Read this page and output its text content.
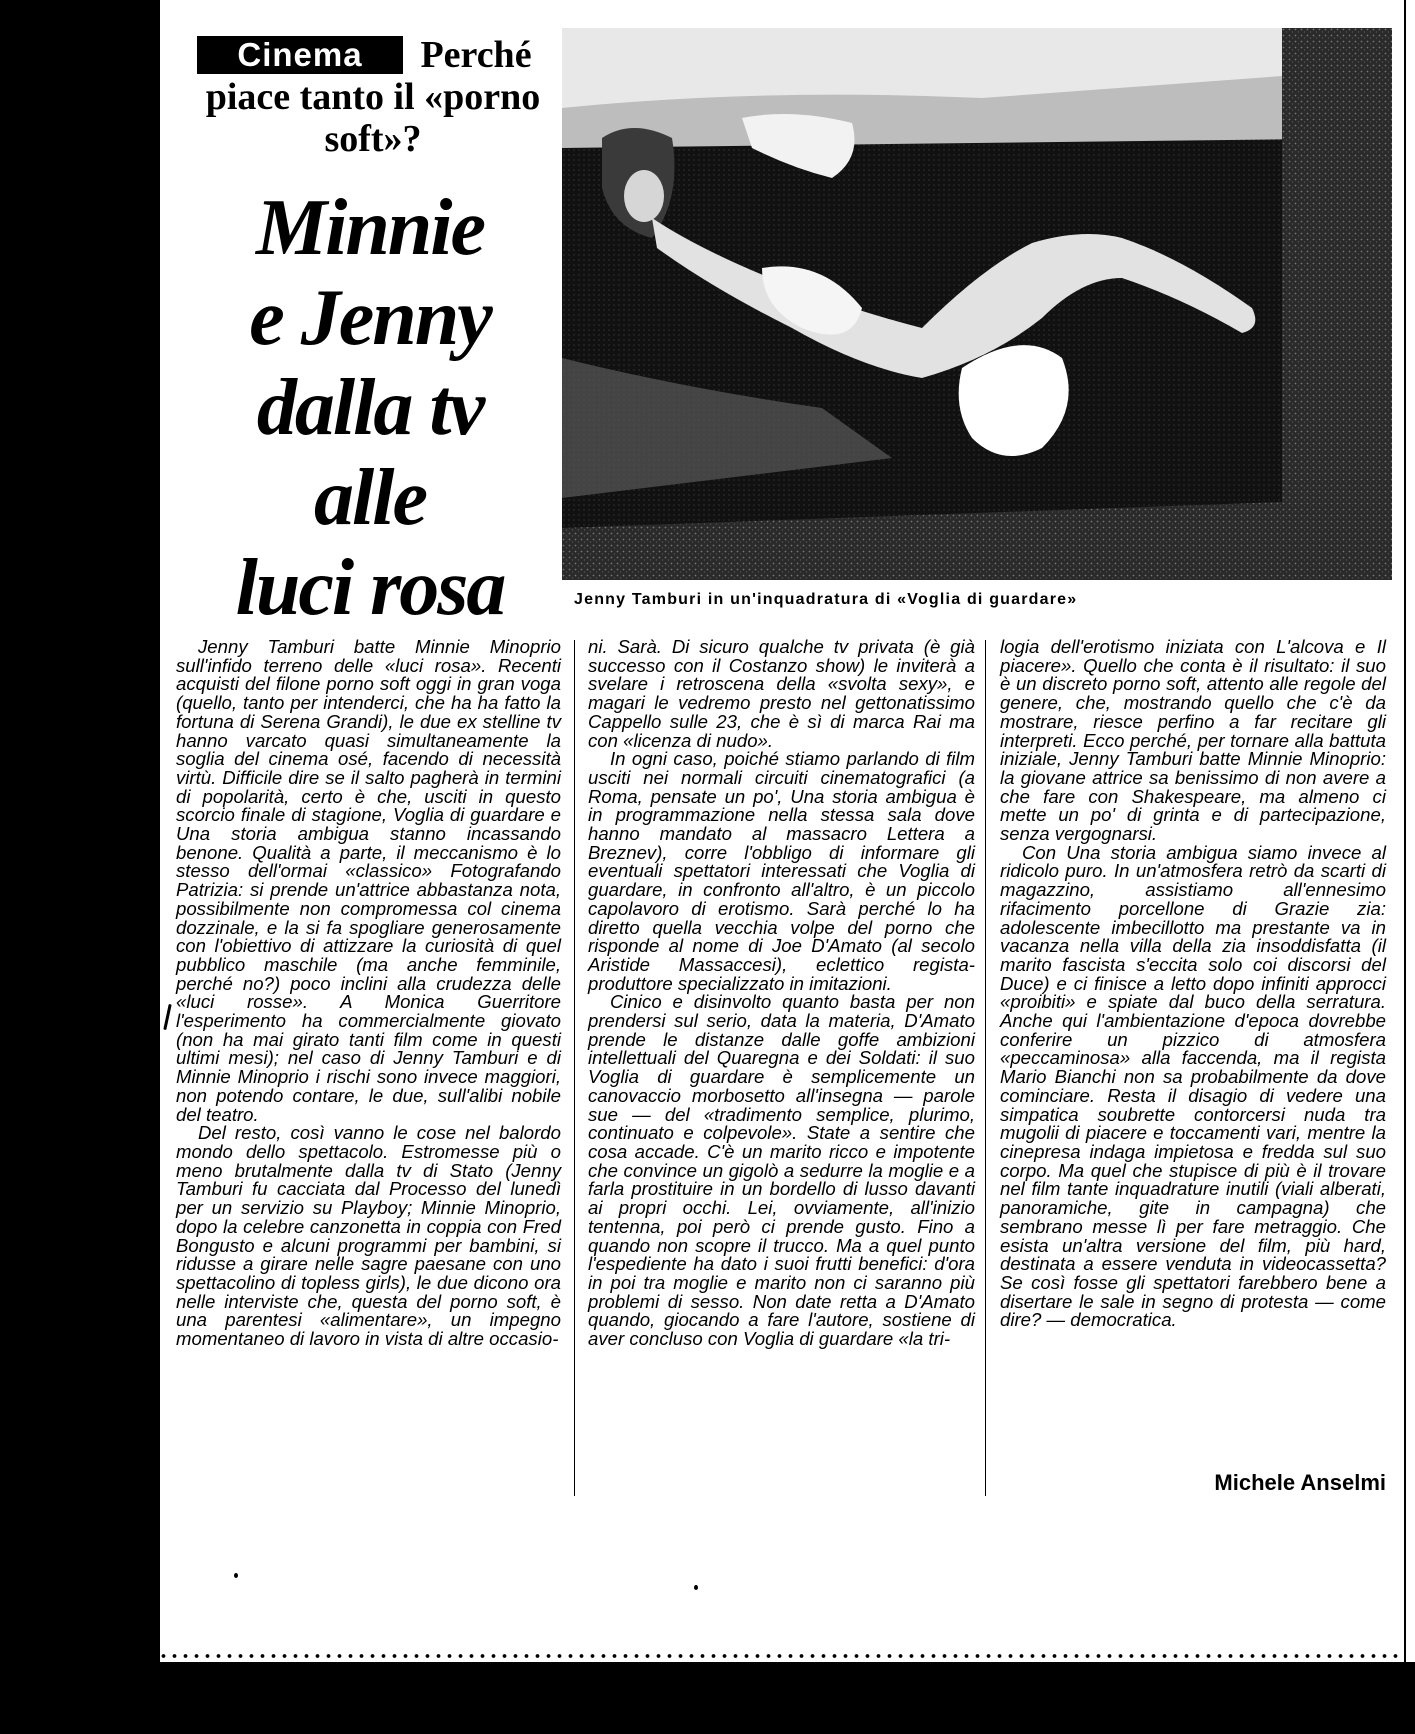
Perché piace tanto il «porno soft»?
Cinema
Minnie
e Jenny
dalla tv
alle
luci rosa	Jenny Tamburi in un'inquadratura di «Voglia di guardare»

Jenny Tamburi batte Minnie Minoprio sull'infido terreno delle «luci rosa». Recenti acquisti del filone porno soft oggi in gran voga (quello, tanto per intenderci, che ha ha fatto la fortuna di Serena Grandi), le due ex stelline tv hanno varcato quasi simultaneamente la soglia del cinema osé, facendo di necessità virtù. Difficile dire se il salto pagherà in termini di popolarità, certo è che, usciti in questo scorcio finale di stagione, Voglia di guardare e Una storia ambigua stanno incassando benone. Qualità a parte, il meccanismo è lo stesso dell'ormai «classico» Fotografando Patrizia: si prende un'attrice abbastanza nota, possibilmente non compromessa col cinema dozzinale, e la si fa spogliare generosamente con l'obiettivo di attizzare la curiosità di quel pubblico maschile (ma anche femminile, perché no?) poco inclini alla crudezza delle «luci rosse». A Monica Guerritore l'esperimento ha commercialmente giovato (non ha mai girato tanti film come in questi ultimi mesi); nel caso di Jenny Tamburi e di Minnie Minoprio i rischi sono invece maggiori, non potendo contare, le due, sull'alibi nobile del teatro.

Del resto, così vanno le cose nel balordo mondo dello spettacolo. Estromesse più o meno brutalmente dalla tv di Stato (Jenny Tamburi fu cacciata dal Processo del lunedì per un servizio su Playboy; Minnie Minoprio, dopo la celebre canzonetta in coppia con Fred Bongusto e alcuni programmi per bambini, si ridusse a girare nelle sagre paesane con uno spettacolino di topless girls), le due dicono ora nelle interviste che, questa del porno soft, è una parentesi «alimentare», un impegno momentaneo di lavoro in vista di altre occasio-

ni. Sarà. Di sicuro qualche tv privata (è già successo con il Costanzo show) le inviterà a svelare i retroscena della «svolta sexy», e magari le vedremo presto nel gettonatissimo Cappello sulle 23, che è sì di marca Rai ma con «licenza di nudo».

In ogni caso, poiché stiamo parlando di film usciti nei normali circuiti cinematografici (a Roma, pensate un po', Una storia ambigua è in programmazione nella stessa sala dove hanno mandato al massacro Lettera a Breznev), corre l'obbligo di informare gli eventuali spettatori interessati che Voglia di guardare, in confronto all'altro, è un piccolo capolavoro di erotismo. Sarà perché lo ha diretto quella vecchia volpe del porno che risponde al nome di Joe D'Amato (al secolo Aristide Massaccesi), eclettico regista-produttore specializzato in imitazioni.

Cinico e disinvolto quanto basta per non prendersi sul serio, data la materia, D'Amato prende le distanze dalle goffe ambizioni intellettuali del Quaregna e dei Soldati: il suo Voglia di guardare è semplicemente un canovaccio morbosetto all'insegna — parole sue — del «tradimento semplice, plurimo, continuato e colpevole». State a sentire che cosa accade. C'è un marito ricco e impotente che convince un gigolò a sedurre la moglie e a farla prostituire in un bordello di lusso davanti ai propri occhi. Lei, ovviamente, all'inizio tentenna, poi però ci prende gusto. Fino a quando non scopre il trucco. Ma a quel punto l'espediente ha dato i suoi frutti benefici: d'ora in poi tra moglie e marito non ci saranno più problemi di sesso. Non date retta a D'Amato quando, giocando a fare l'autore, sostiene di aver concluso con Voglia di guardare «la tri-

logia dell'erotismo iniziata con L'alcova e Il piacere». Quello che conta è il risultato: il suo è un discreto porno soft, attento alle regole del genere, che, mostrando quello che c'è da mostrare, riesce perfino a far recitare gli interpreti. Ecco perché, per tornare alla battuta iniziale, Jenny Tamburi batte Minnie Minoprio: la giovane attrice sa benissimo di non avere a che fare con Shakespeare, ma almeno ci mette un po' di grinta e di partecipazione, senza vergognarsi.

Con Una storia ambigua siamo invece al ridicolo puro. In un'atmosfera retrò da scarti di magazzino, assistiamo all'ennesimo rifacimento porcellone di Grazie zia: adolescente imbecillotto ma prestante va in vacanza nella villa della zia insoddisfatta (il marito fascista s'eccita solo coi discorsi del Duce) e ci finisce a letto dopo infiniti approcci «proibiti» e spiate dal buco della serratura. Anche qui l'ambientazione d'epoca dovrebbe conferire un pizzico di atmosfera «peccaminosa» alla faccenda, ma il regista Mario Bianchi non sa probabilmente da dove cominciare. Resta il disagio di vedere una simpatica soubrette contorcersi nuda tra mugolii di piacere e toccamenti vari, mentre la cinepresa indaga impietosa e fredda sul suo corpo. Ma quel che stupisce di più è il trovare nel film tante inquadrature inutili (viali alberati, panoramiche, gite in campagna) che sembrano messe lì per fare metraggio. Che esista un'altra versione del film, più hard, destinata a essere venduta in videocassetta? Se così fosse gli spettatori farebbero bene a disertare le sale in segno di protesta — come dire? — democratica.

Michele Anselmi
